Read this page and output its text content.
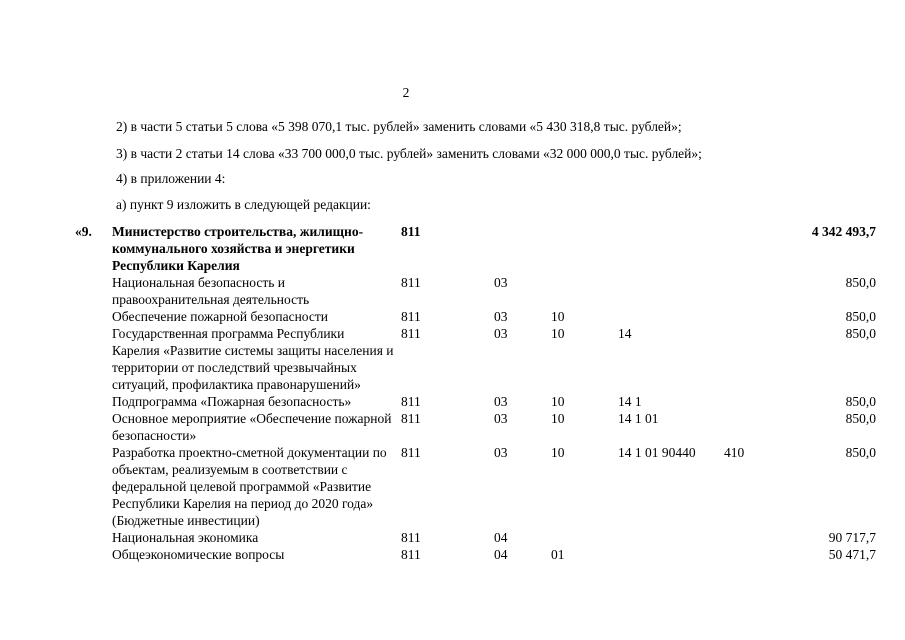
2
2) в части 5 статьи 5 слова «5 398 070,1 тыс. рублей» заменить словами «5 430 318,8 тыс. рублей»;
3) в части 2 статьи 14 слова «33 700 000,0 тыс. рублей» заменить словами «32 000 000,0 тыс. рублей»;
4) в приложении 4:
а) пункт 9 изложить в следующей редакции:
«9. Министерство строительства, жилищно-коммунального хозяйства и энергетики Республики Карелия	811					4 342 493,7

Национальная безопасность и правоохранительная деятельность	811	03				850,0

Обеспечение пожарной безопасности	811	03	10			850,0

Государственная программа Республики Карелия «Развитие системы защиты населения и территории от последствий чрезвычайных ситуаций, профилактика правонарушений»	811	03	10	14		850,0

Подпрограмма «Пожарная безопасность»	811	03	10	14 1		850,0

Основное мероприятие «Обеспечение пожарной безопасности»	811	03	10	14 1 01		850,0

Разработка проектно-сметной документации по объектам, реализуемым в соответствии с федеральной целевой программой «Развитие Республики Карелия на период до 2020 года» (Бюджетные инвестиции)	811	03	10	14 1 01 90440	410	850,0

Национальная экономика	811	04				90 717,7

Общеэкономические вопросы	811	04	01			50 471,7
